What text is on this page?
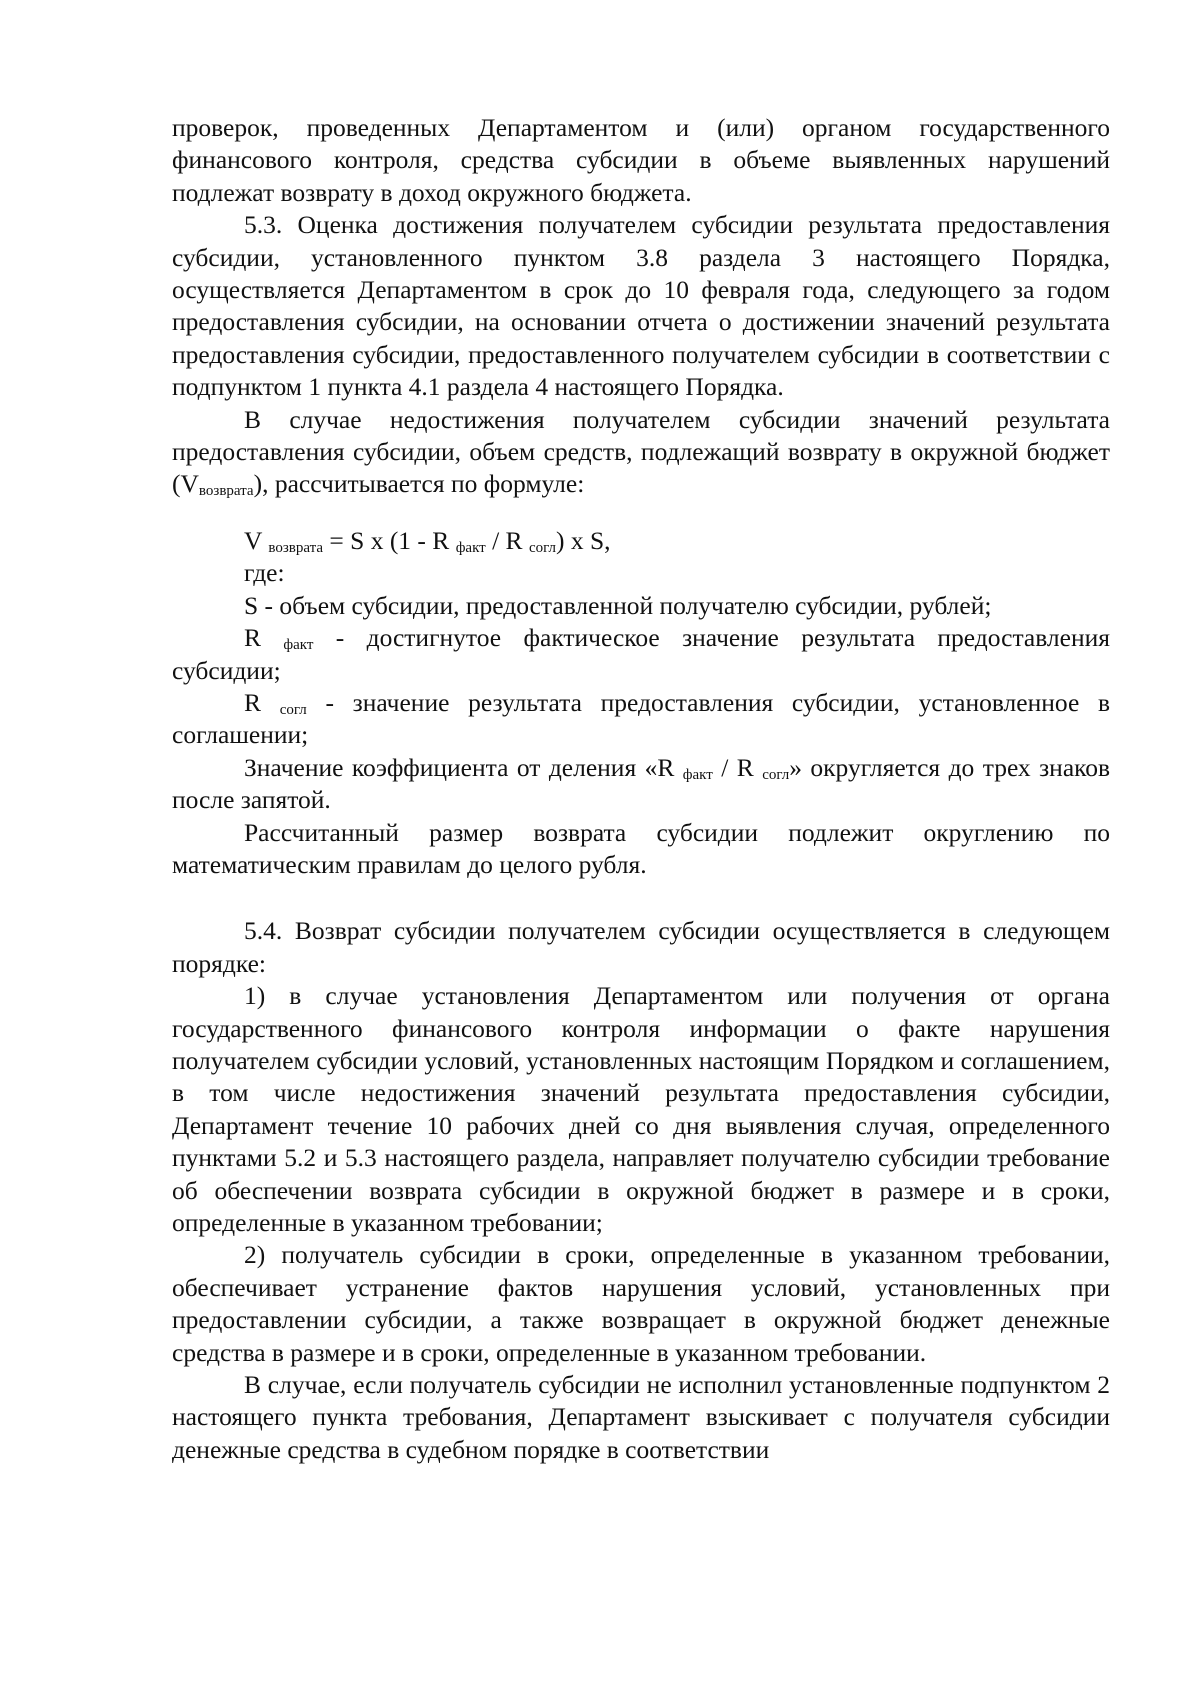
проверок, проведенных Департаментом и (или) органом государственного финансового контроля, средства субсидии в объеме выявленных нарушений подлежат возврату в доход окружного бюджета.

5.3. Оценка достижения получателем субсидии результата предоставления субсидии, установленного пунктом 3.8 раздела 3 настоящего Порядка, осуществляется Департаментом в срок до 10 февраля года, следующего за годом предоставления субсидии, на основании отчета о достижении значений результата предоставления субсидии, предоставленного получателем субсидии в соответствии с подпунктом 1 пункта 4.1 раздела 4 настоящего Порядка.

В случае недостижения получателем субсидии значений результата предоставления субсидии, объем средств, подлежащий возврату в окружной бюджет $(V_{возврата})$, рассчитывается по формуле:

V $_{возврата}$ = S x (1 - R $_{факт}$ / R $_{согл}$) x S,

где:

S - объем субсидии, предоставленной получателю субсидии, рублей;

R $_{факт}$ - достигнутое фактическое значение результата предоставления субсидии;

R $_{согл}$ - значение результата предоставления субсидии, установленное в соглашении;

Значение коэффициента от деления «R $_{факт}$ / R $_{согл}$» округляется до трех знаков после запятой.

Рассчитанный размер возврата субсидии подлежит округлению по математическим правилам до целого рубля.

5.4. Возврат субсидии получателем субсидии осуществляется в следующем порядке:

1) в случае установления Департаментом или получения от органа государственного финансового контроля информации о факте нарушения получателем субсидии условий, установленных настоящим Порядком и соглашением, в том числе недостижения значений результата предоставления субсидии, Департамент течение 10 рабочих дней со дня выявления случая, определенного пунктами 5.2 и 5.3 настоящего раздела, направляет получателю субсидии требование об обеспечении возврата субсидии в окружной бюджет в размере и в сроки, определенные в указанном требовании;

2) получатель субсидии в сроки, определенные в указанном требовании, обеспечивает устранение фактов нарушения условий, установленных при предоставлении субсидии, а также возвращает в окружной бюджет денежные средства в размере и в сроки, определенные в указанном требовании.

В случае, если получатель субсидии не исполнил установленные подпунктом 2 настоящего пункта требования, Департамент взыскивает с получателя субсидии денежные средства в судебном порядке в соответствии
